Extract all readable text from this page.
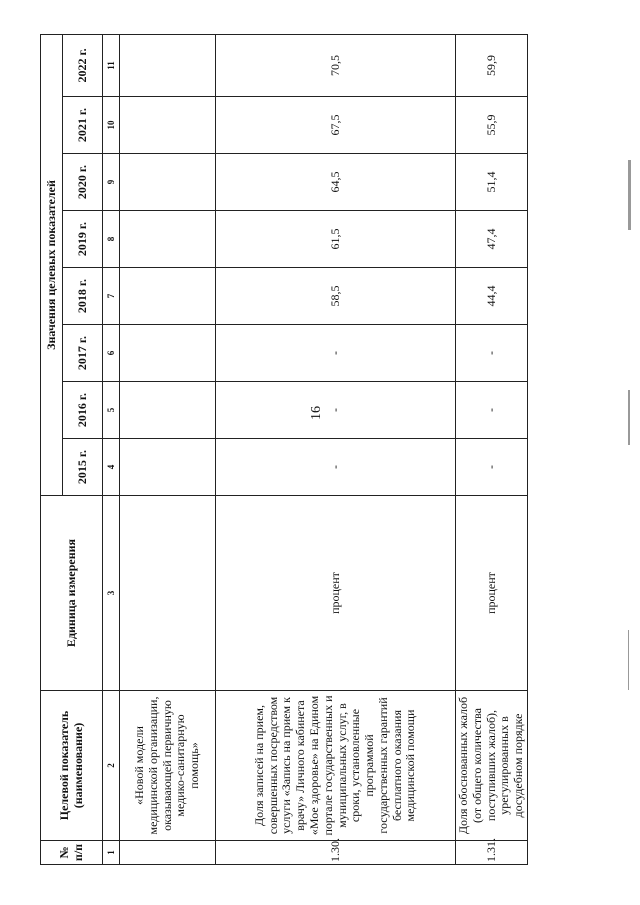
16
№ п/п	Целевой показатель (наименование)	Единица измерения	Значения целевых показателей							
			2015 г.	2016 г.	2017 г.	2018 г.	2019 г.	2020 г.	2021 г.	2022 г.
1	2	3	4	5	6	7	8	9	10	11
	«Новой модели медицинской организации, оказывающей первичную медико-санитарную помощь»									
1.30.	Доля записей на прием, совершенных посредством услуги «Запись на прием к врачу» Личного кабинета «Мое здоровье» на Едином портале государственных и муниципальных услуг, в сроки, установленные программой государственных гарантий бесплатного оказания медицинской помощи	процент	-	-	-	58,5	61,5	64,5	67,5	70,5
1.31.	Доля обоснованных жалоб (от общего количества поступивших жалоб), урегулированных в досудебном порядке	процент	-	-	-	44,4	47,4	51,4	55,9	59,9
